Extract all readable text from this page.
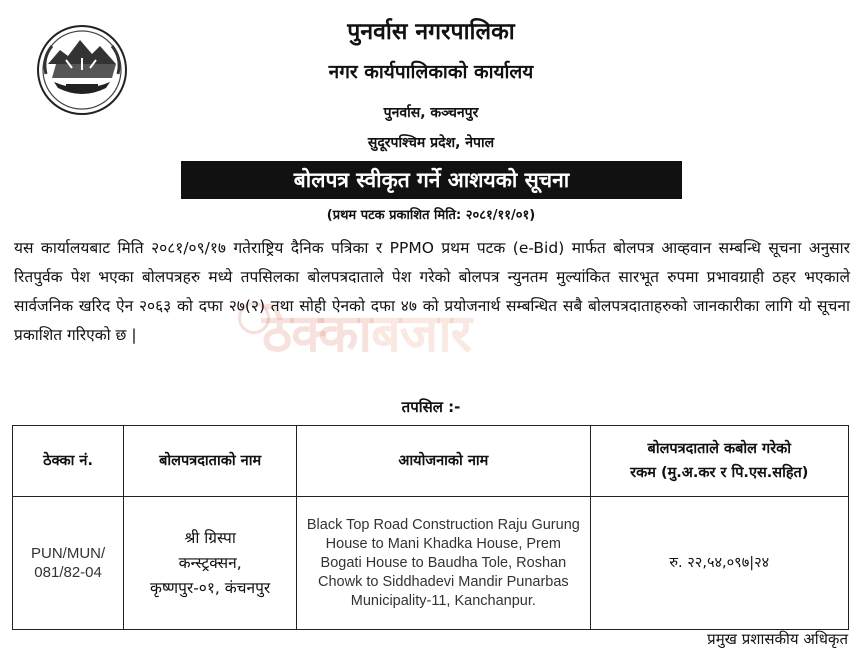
पुनर्वास नगरपालिका
नगर कार्यपालिकाको कार्यालय
पुनर्वास, कञ्चनपुर
सुदूरपश्चिम प्रदेश, नेपाल
बोलपत्र स्वीकृत गर्ने आशयको सूचना
(प्रथम पटक प्रकाशित मिति: २०८१/११/०१)
ठेक्काबजार
यस कार्यालयबाट मिति २०८१/०९/१७ गतेराष्ट्रिय दैनिक पत्रिका र PPMO प्रथम पटक (e-Bid) मार्फत बोलपत्र आव्हवान सम्बन्धि सूचना अनुसार रितपुर्वक पेश भएका बोलपत्रहरु मध्ये तपसिलका बोलपत्रदाताले पेश गरेको बोलपत्र न्युनतम मुल्यांकित सारभूत रुपमा प्रभावग्राही ठहर भएकाले सार्वजनिक खरिद ऐन २०६३ को दफा २७(२) तथा सोही ऐनको दफा ४७ को प्रयोजनार्थ सम्बन्धित सबै बोलपत्रदाताहरुको जानकारीका लागि यो सूचना प्रकाशित गरिएको छ |
तपसिल :-
ठेक्का नं.	बोलपत्रदाताको नाम	आयोजनाको नाम	बोलपत्रदाताले कबोल गरेको
रकम (मु.अ.कर र पि.एस.सहित)

PUN/MUN/
081/82-04	श्री ग्रिस्पा
कन्स्ट्रक्सन,
कृष्णपुर-०१, कंचनपुर	Black Top Road Construction Raju Gurung House to Mani Khadka House, Prem Bogati House to Baudha Tole, Roshan Chowk to Siddhadevi Mandir Punarbas Municipality-11, Kanchanpur.	रु. २२,५४,०९७|२४
प्रमुख प्रशासकीय अधिकृत
